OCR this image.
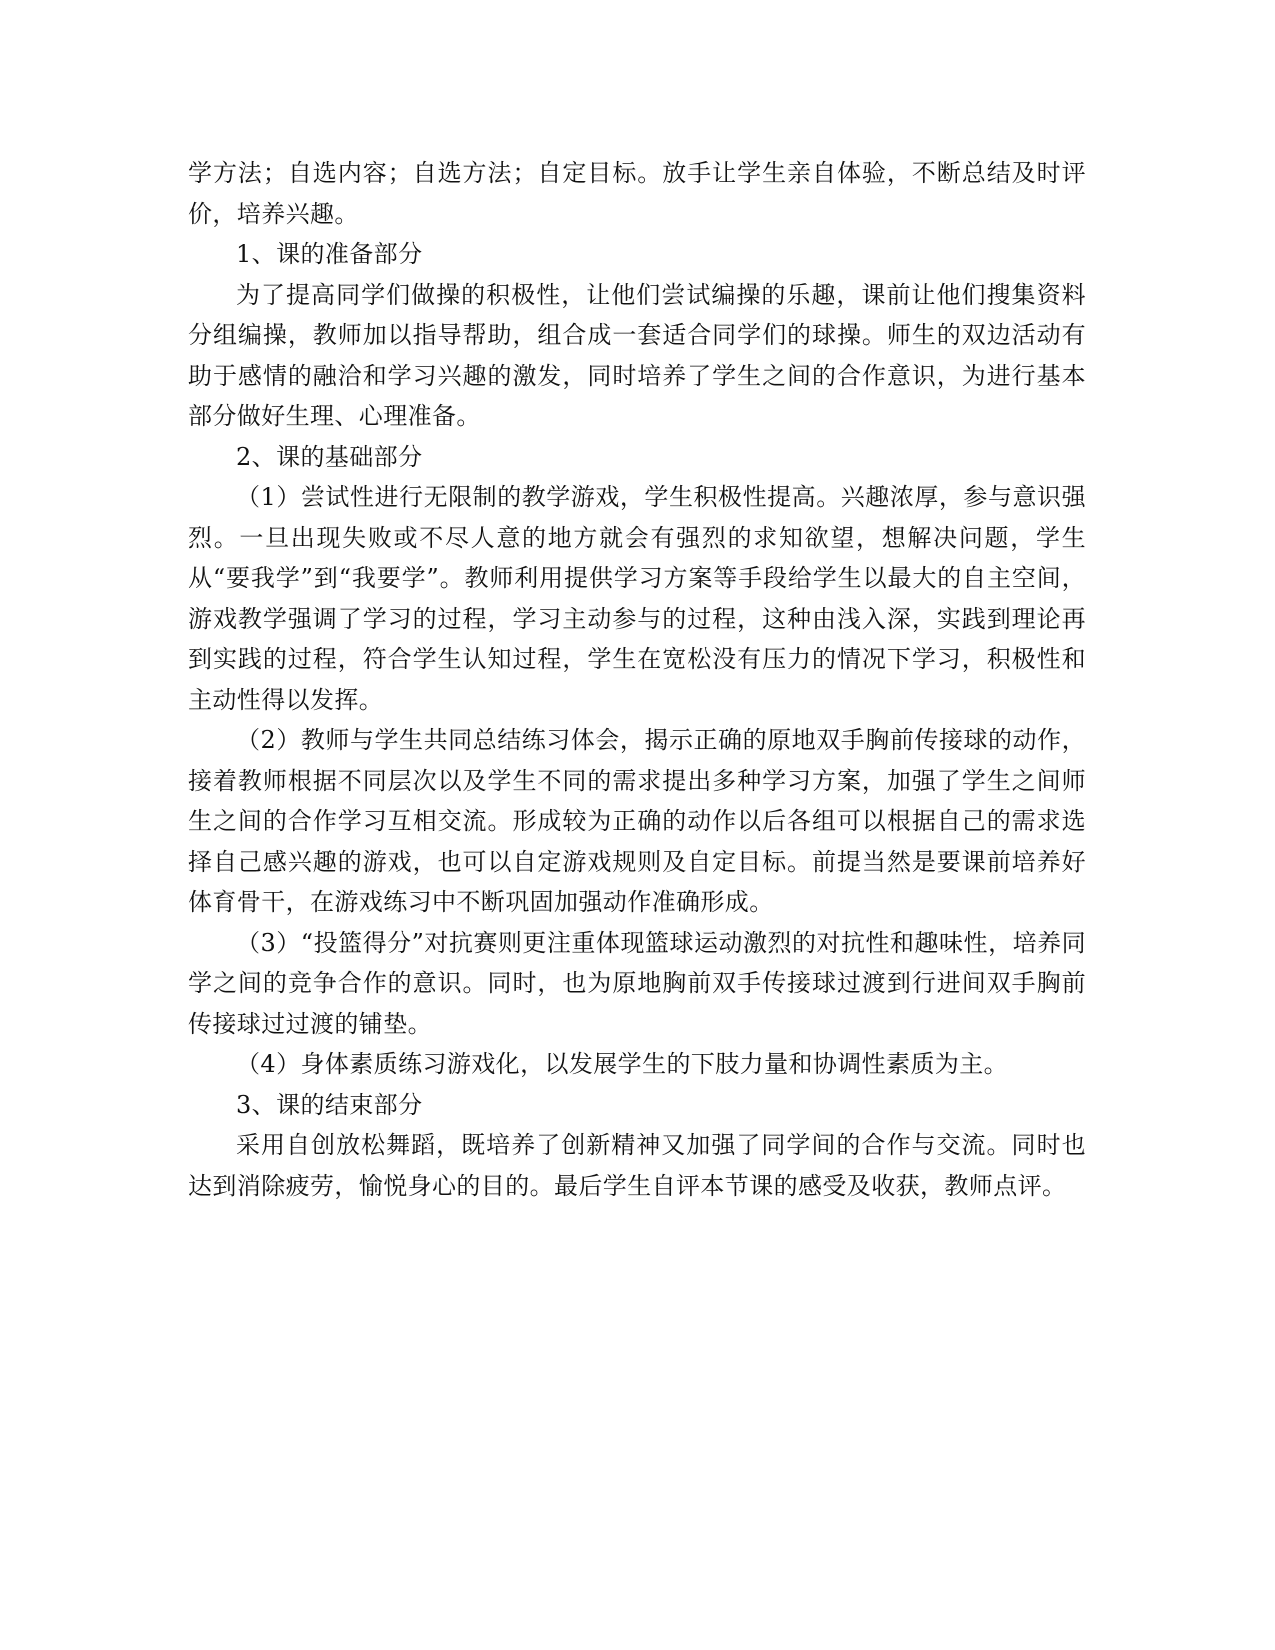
学方法；自选内容；自选方法；自定目标。放手让学生亲自体验，不断总结及时评价，培养兴趣。

1、课的准备部分

为了提高同学们做操的积极性，让他们尝试编操的乐趣，课前让他们搜集资料分组编操，教师加以指导帮助，组合成一套适合同学们的球操。师生的双边活动有助于感情的融洽和学习兴趣的激发，同时培养了学生之间的合作意识，为进行基本部分做好生理、心理准备。

2、课的基础部分

（1）尝试性进行无限制的教学游戏，学生积极性提高。兴趣浓厚，参与意识强烈。一旦出现失败或不尽人意的地方就会有强烈的求知欲望，想解决问题，学生从“要我学”到“我要学”。教师利用提供学习方案等手段给学生以最大的自主空间，游戏教学强调了学习的过程，学习主动参与的过程，这种由浅入深，实践到理论再到实践的过程，符合学生认知过程，学生在宽松没有压力的情况下学习，积极性和主动性得以发挥。

（2）教师与学生共同总结练习体会，揭示正确的原地双手胸前传接球的动作，接着教师根据不同层次以及学生不同的需求提出多种学习方案，加强了学生之间师生之间的合作学习互相交流。形成较为正确的动作以后各组可以根据自己的需求选择自己感兴趣的游戏，也可以自定游戏规则及自定目标。前提当然是要课前培养好体育骨干，在游戏练习中不断巩固加强动作准确形成。

（3）“投篮得分”对抗赛则更注重体现篮球运动激烈的对抗性和趣味性，培养同学之间的竞争合作的意识。同时，也为原地胸前双手传接球过渡到行进间双手胸前传接球过过渡的铺垫。

（4）身体素质练习游戏化，以发展学生的下肢力量和协调性素质为主。

3、课的结束部分

采用自创放松舞蹈，既培养了创新精神又加强了同学间的合作与交流。同时也达到消除疲劳，愉悦身心的目的。最后学生自评本节课的感受及收获，教师点评。
